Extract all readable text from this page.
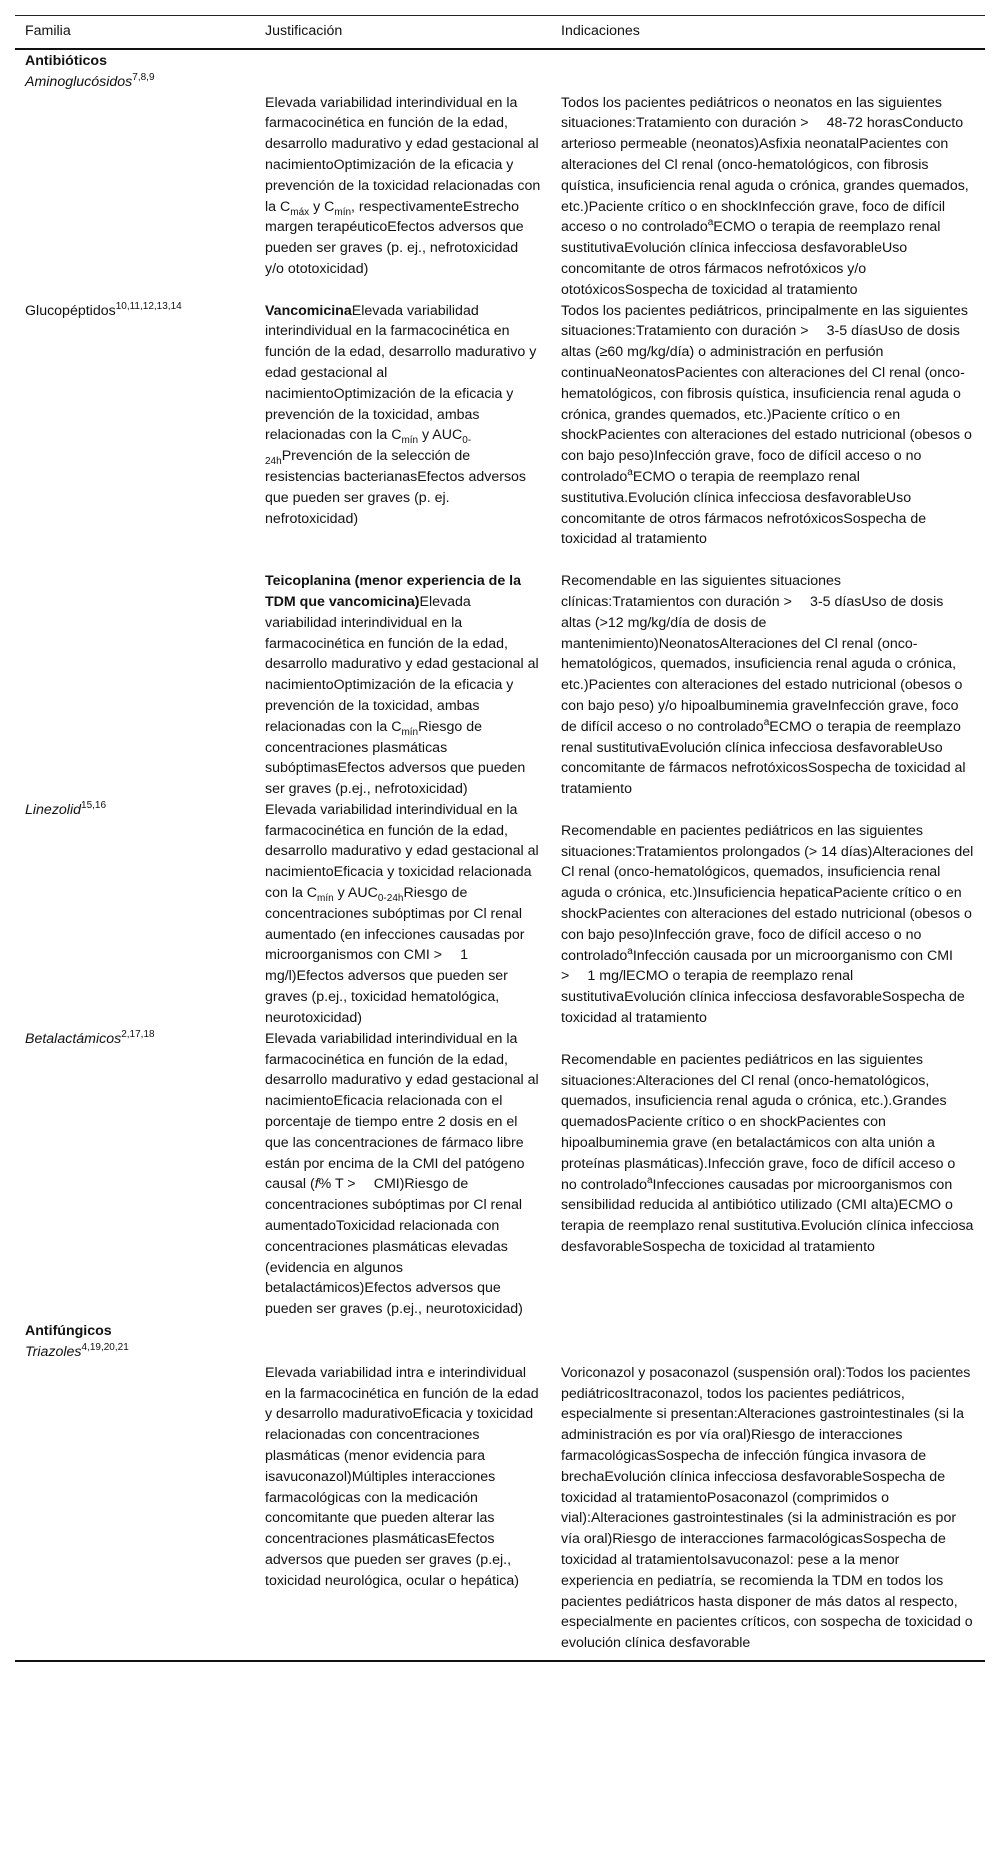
Familia	Justificación	Indicaciones
Antibióticos		
Aminoglucósidos$^{7,8,9}$	Elevada variabilidad interindividual en la farmacocinética en función de la edad, desarrollo madurativo y edad gestacional al nacimientoOptimización de la eficacia y prevención de la toxicidad relacionadas con la $C_{máx}$ y $C_{mín}$, respectivamenteEstrecho margen terapéuticoEfectos adversos que pueden ser graves (p. ej., nefrotoxicidad y/o ototoxicidad)	Todos los pacientes pediátricos o neonatos en las siguientes situaciones:Tratamiento con duración >  48-72 horasConducto arterioso permeable (neonatos)Asfixia neonatalPacientes con alteraciones del Cl renal (onco-hematológicos, con fibrosis quística, insuficiencia renal aguda o crónica, grandes quemados, etc.)Paciente crítico o en shockInfección grave, foco de difícil acceso o no controlado$^a$ECMO o terapia de reemplazo renal sustitutivaEvolución clínica infecciosa desfavorableUso concomitante de otros fármacos nefrotóxicos y/o ototóxicosSospecha de toxicidad al tratamiento
Glucopéptidos$^{10,11,12,13,14}$	VancomicinaElevada variabilidad interindividual en la farmacocinética en función de la edad, desarrollo madurativo y edad gestacional al nacimientoOptimización de la eficacia y prevención de la toxicidad, ambas relacionadas con la $C_{mín}$ y $AUC_{0-24h}Prevención$ de la selección de resistencias bacterianasEfectos adversos que pueden ser graves (p. ej. nefrotoxicidad)	Todos los pacientes pediátricos, principalmente en las siguientes situaciones:Tratamiento con duración >  3-5 díasUso de dosis altas (≥60 mg/kg/día) o administración en perfusión continuaNeonatosPacientes con alteraciones del Cl renal (onco-hematológicos, con fibrosis quística, insuficiencia renal aguda o crónica, grandes quemados, etc.)Paciente crítico o en shockPacientes con alteraciones del estado nutricional (obesos o con bajo peso)Infección grave, foco de difícil acceso o no controlado$^a$ECMO o terapia de reemplazo renal sustitutiva.Evolución clínica infecciosa desfavorableUso concomitante de otros fármacos nefrotóxicosSospecha de toxicidad al tratamiento
	Teicoplanina (menor experiencia de la TDM que vancomicina)Elevada variabilidad interindividual en la farmacocinética en función de la edad, desarrollo madurativo y edad gestacional al nacimientoOptimización de la eficacia y prevención de la toxicidad, ambas relacionadas con la $C_{mín}Riesgo$ de concentraciones plasmáticas subóptimasEfectos adversos que pueden ser graves (p.ej., nefrotoxicidad)	Recomendable en las siguientes situaciones clínicas:Tratamientos con duración >  3-5 díasUso de dosis altas (>12 mg/kg/día de dosis de mantenimiento)NeonatosAlteraciones del Cl renal (onco-hematológicos, quemados, insuficiencia renal aguda o crónica, etc.)Pacientes con alteraciones del estado nutricional (obesos o con bajo peso) y/o hipoalbuminemia graveInfección grave, foco de difícil acceso o no controlado$^a$ECMO o terapia de reemplazo renal sustitutivaEvolución clínica infecciosa desfavorableUso concomitante de fármacos nefrotóxicosSospecha de toxicidad al tratamiento
Linezolid$^{15,16}$	Elevada variabilidad interindividual en la farmacocinética en función de la edad, desarrollo madurativo y edad gestacional al nacimientoEficacia y toxicidad relacionada con la $C_{mín}$ y $AUC_{0-24h}Riesgo$ de concentraciones subóptimas por Cl renal aumentado (en infecciones causadas por microorganismos con CMI >  1 mg/l)Efectos adversos que pueden ser graves (p.ej., toxicidad hematológica, neurotoxicidad)	Recomendable en pacientes pediátricos en las siguientes situaciones:Tratamientos prolongados (> 14 días)Alteraciones del Cl renal (onco-hematológicos, quemados, insuficiencia renal aguda o crónica, etc.)Insuficiencia hepaticaPaciente crítico o en shockPacientes con alteraciones del estado nutricional (obesos o con bajo peso)Infección grave, foco de difícil acceso o no controlado$^a$Infección causada por un microorganismo con CMI >  1 mg/lECMO o terapia de reemplazo renal sustitutivaEvolución clínica infecciosa desfavorableSospecha de toxicidad al tratamiento
Betalactámicos$^{2,17,18}$	Elevada variabilidad interindividual en la farmacocinética en función de la edad, desarrollo madurativo y edad gestacional al nacimientoEficacia relacionada con el porcentaje de tiempo entre 2 dosis en el que las concentraciones de fármaco libre están por encima de la CMI del patógeno causal (f% T >  CMI)Riesgo de concentraciones subóptimas por Cl renal aumentadoToxicidad relacionada con concentraciones plasmáticas elevadas (evidencia en algunos betalactámicos)Efectos adversos que pueden ser graves (p.ej., neurotoxicidad)	Recomendable en pacientes pediátricos en las siguientes situaciones:Alteraciones del Cl renal (onco-hematológicos, quemados, insuficiencia renal aguda o crónica, etc.).Grandes quemadosPaciente crítico o en shockPacientes con hipoalbuminemia grave (en betalactámicos con alta unión a proteínas plasmáticas).Infección grave, foco de difícil acceso o no controlado$^a$Infecciones causadas por microorganismos con sensibilidad reducida al antibiótico utilizado (CMI alta)ECMO o terapia de reemplazo renal sustitutiva.Evolución clínica infecciosa desfavorableSospecha de toxicidad al tratamiento
Antifúngicos		
Triazoles$^{4,19,20,21}$	Elevada variabilidad intra e interindividual en la farmacocinética en función de la edad y desarrollo madurativoEficacia y toxicidad relacionadas con concentraciones plasmáticas (menor evidencia para isavuconazol)Múltiples interacciones farmacológicas con la medicación concomitante que pueden alterar las concentraciones plasmáticasEfectos adversos que pueden ser graves (p.ej., toxicidad neurológica, ocular o hepática)	Voriconazol y posaconazol (suspensión oral):Todos los pacientes pediátricosItraconazol, todos los pacientes pediátricos, especialmente si presentan:Alteraciones gastrointestinales (si la administración es por vía oral)Riesgo de interacciones farmacológicasSospecha de infección fúngica invasora de brechaEvolución clínica infecciosa desfavorableSospecha de toxicidad al tratamientoPosaconazol (comprimidos o vial):Alteraciones gastrointestinales (si la administración es por vía oral)Riesgo de interacciones farmacológicasSospecha de toxicidad al tratamientoIsavuconazol: pese a la menor experiencia en pediatría, se recomienda la TDM en todos los pacientes pediátricos hasta disponer de más datos al respecto, especialmente en pacientes críticos, con sospecha de toxicidad o evolución clínica desfavorable
